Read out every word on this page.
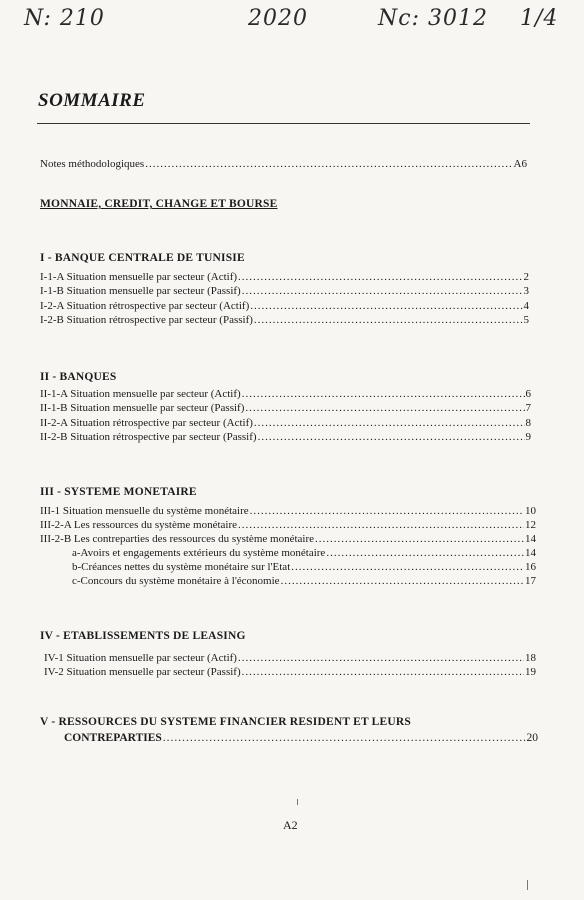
N: 210	2020	Nc: 3012 1/4
SOMMAIRE
Notes méthodologiques .....	A6
MONNAIE, CREDIT, CHANGE ET BOURSE
I - BANQUE CENTRALE DE TUNISIE
I-1-A Situation mensuelle par secteur (Actif) .....	2
I-1-B Situation mensuelle par secteur (Passif) .....	3
I-2-A Situation rétrospective par secteur (Actif) .....	4
I-2-B Situation rétrospective par secteur (Passif) .....	5
II - BANQUES
II-1-A Situation mensuelle par secteur (Actif) .....	6
II-1-B Situation mensuelle par secteur (Passif) .....	7
II-2-A Situation rétrospective par secteur (Actif) .....	8
II-2-B Situation rétrospective par secteur (Passif) .....	9
III - SYSTEME MONETAIRE
III-1 Situation mensuelle du système monétaire .....	10
III-2-A Les ressources du système monétaire .....	12
III-2-B Les contreparties des ressources du système monétaire .....	14
a-Avoirs et engagements extérieurs du système monétaire .....	14
b-Créances nettes du système monétaire sur l'Etat .....	16
c-Concours du système monétaire à l'économie .....	17
IV - ETABLISSEMENTS DE LEASING
IV-1 Situation mensuelle par secteur (Actif) .....	18
IV-2 Situation mensuelle par secteur (Passif) .....	19
V - RESSOURCES DU SYSTEME FINANCIER RESIDENT ET LEURS
CONTREPARTIES .....	20
A2
